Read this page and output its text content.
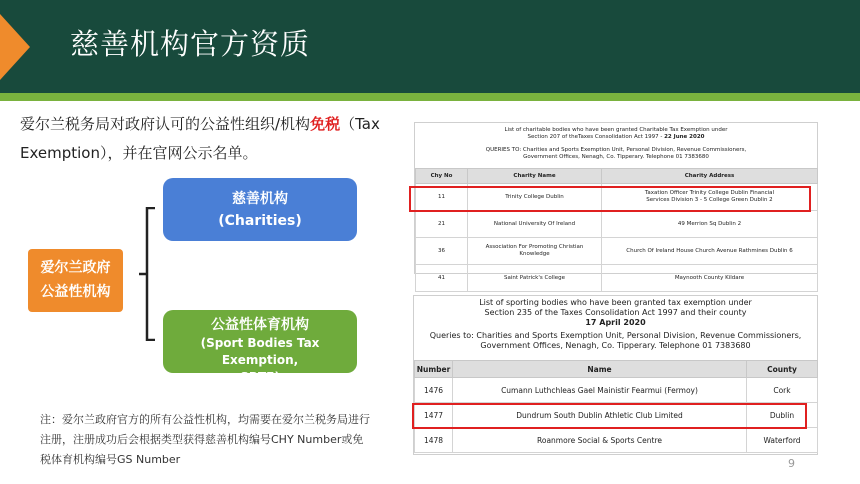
慈善机构官方资质
爱尔兰税务局对政府认可的公益性组织/机构免税（Tax Exemption），并在官网公示名单。
爱尔兰政府
公益性机构
慈善机构
(Charities)
公益性体育机构
(Sport Bodies Tax Exemption,
SBTE)
注：爱尔兰政府官方的所有公益性机构，均需要在爱尔兰税务局进行注册，注册成功后会根据类型获得慈善机构编号CHY Number或免税体育机构编号GS Number
List of charitable bodies who have been granted Charitable Tax Exemption under
Section 207 of theTaxes Consolidation Act 1997 - 22 June 2020
QUERIES TO: Charities and Sports Exemption Unit, Personal Division, Revenue Commissioners,
Government Offices, Nenagh, Co. Tipperary. Telephone 01 7383680
Chy No	Charity Name	Charity Address
11	Trinity College Dublin	Taxation Officer Trinity College Dublin Financial
Services Division 3 - 5 College Green Dublin 2

21	National University Of Ireland	49 Merrion Sq Dublin 2
36	Association For Promoting Christian
Knowledge	Church Of Ireland House Church Avenue Rathmines Dublin 6
41	Saint Patrick's College	Maynooth County Kildare
List of sporting bodies who have been granted tax exemption under
Section 235 of the Taxes Consolidation Act 1997 and their county
17 April 2020
Queries to: Charities and Sports Exemption Unit, Personal Division, Revenue Commissioners,
Government Offices, Nenagh, Co. Tipperary. Telephone 01 7383680
Number	Name	County
1476	Cumann Luthchleas Gael Mainistir Fearmui (Fermoy)	Cork
1477	Dundrum South Dublin Athletic Club Limited	Dublin
1478	Roanmore Social & Sports Centre	Waterford
9
